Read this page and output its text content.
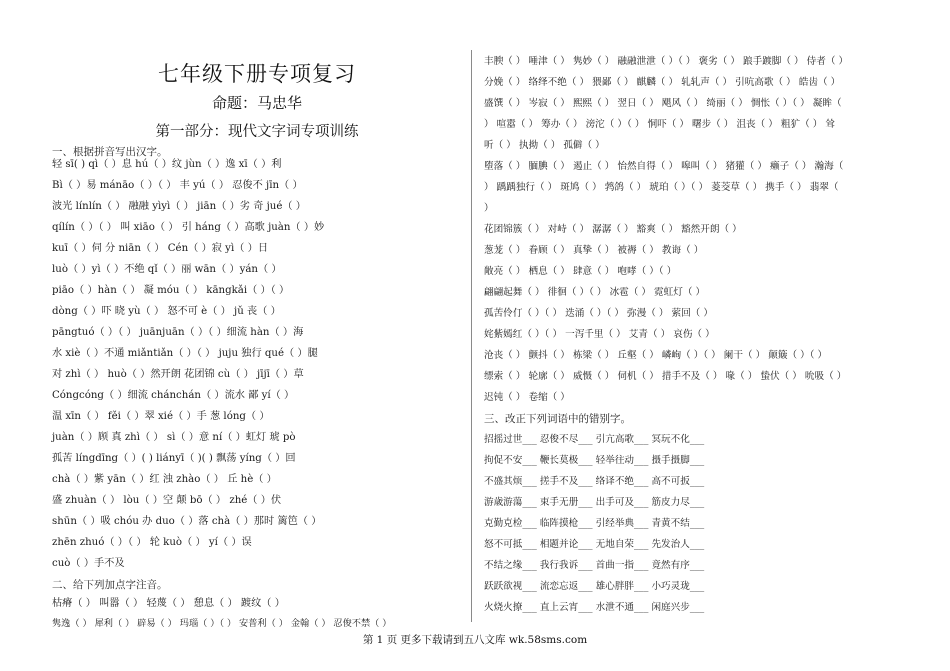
七年级下册专项复习
命题：马忠华
第一部分：现代文字词专项训练
一、根据拼音写出汉字。
轻 sī( ) qì（ ）息 hú（ ）纹 jùn（ ）逸 xī（ ）利
Bì（ ）易 mánāo（ ）（ ） 丰 yú（ ） 忍俊不 jīn（ ）
波光 línlín（ ） 融融 yìyì（ ） jiān（ ）劣 奇 jué（ ）
qílín（ ）（ ） 叫 xiāo（ ） 引 háng（ ）高歌 juàn（ ）妙
kuī（ ）伺 分 niān（ ） Cén（ ）寂 yì（ ）日
luò（ ）yì（ ）不绝 qǐ（ ）丽 wān（ ）yán（ ）
piāo（ ）hàn（ ） 凝 móu（ ） kāngkǎi（ ）（ ）
dòng（ ）吓 晓 yù（ ） 怒不可 è（ ） jǔ 丧（ ）
pāngtuó（ ）（ ） juānjuān（ ）（ ）细流 hàn（ ）海
水 xiè（ ）不通 miǎntiǎn（ ）（ ） juju 独行 qué（ ）腿
对 zhì（ ） huò（ ）然开朗 花团锦 cù（ ） jījī（ ）草
Cóngcóng（ ）细流 chánchán（ ）流水 鄙 yí（ ）
温 xīn（ ） fěi（ ）翠 xié（ ）手 葱 lóng（ ）
juàn（ ）顾 真 zhì（ ） sì（ ）意 ní（ ）虹灯 琥 pò
孤苦 língdīng（ ）( ) liányī（ )( ) 飘荡 yíng（ ）回
chà（ ）紫 yān（ ）红 浊 zhào（ ） 丘 hè（ ）
盛 zhuàn（ ） lòu（ ）空 颠 bō（ ） zhé（ ）伏
shūn（ ）吸 chóu 办 duo（ ）落 chà（ ）那时 篱笆（ ）
zhēn zhuó（ ）（ ） 轮 kuò（ ） yí（ ）误
cuò（ ）手不及
二、给下列加点字注音。
枯瘠（ ） 叫嚣（ ） 轻蔑（ ） 憩息（ ） 踱纹（ ）
隽逸（ ） 犀利（ ） 辟易（ ） 玛瑙（ ）（ ） 安普利（ ） 金翰（ ） 忍俊不禁（ ）
丰腴（ ） 唾津（ ） 隽妙（ ） 融融泄泄（ ）（ ） 褒劣（ ） 踉手踱脚（ ） 侍者（ ）
分娩（ ） 络绎不绝（ ） 猥鄙（ ） 麒麟（ ） 轧轧声（ ） 引吭高歌（ ） 皓齿（ ）
盛馔（ ） 岑寂（ ） 熙熙（ ） 翌日（ ） 飓风（ ） 绮丽（ ） 惆怅（ ）（ ） 凝眸（
） 喧嚣（ ） 筹办（ ） 滂沱（ ）（ ） 恫吓（ ） 曙步（ ） 沮丧（ ） 粗犷（ ） 耸
听（ ） 执拗（ ） 孤僻（ ）
堕落（ ） 腼腆（ ） 遏止（ ） 怡然自得（ ） 嗥叫（ ） 猪獾（ ） 癞子（ ） 瀚海（
） 踽踽独行（ ） 斑鸠（ ） 鹁鸽（ ） 琥珀（ ）（ ） 菱茭草（ ） 携手（ ） 翡翠（
）
花团锦簇（ ） 对峙（ ） 潺潺（ ） 豁爽（ ） 豁然开朗（ ）
葱茏（ ） 眷顾（ ） 真挚（ ） 被褥（ ） 教诲（ ）
敞亮（ ） 栖息（ ） 肆意（ ） 咆哮（ ）（ ）
翩翩起舞（ ） 徘徊（ ）（ ） 冰雹（ ） 霓虹灯（ ）
孤苦伶仃（ ）（ ） 迭涌（ ）（ ） 弥漫（ ） 萦回（ ）
姹紫嫣红（ ）（ ） 一泻千里（ ） 艾青（ ） 哀伤（ ）
沧丧（ ） 颤抖（ ） 栋梁（ ） 丘壑（ ） 嶙峋（ ）（ ） 阑干（ ） 颠簸（ ）（ ）
缥索（ ） 轮廓（ ） 威慑（ ） 伺机（ ） 措手不及（ ） 喙（ ） 蛰伏（ ） 吮吸（ ）
迟钝（ ） 卷缩（ ）
三、改正下列词语中的错别字。
招摇过世___ 忍俊不尽___ 引亢高歌___ 冥玩不化___
拘促不安___ 鞭长莫极___ 轻举往动___ 摄手摄脚___
不盛其烦___ 搓手不及___ 络译不绝___ 高不可扳___
游歳游蕩___ 束手无册___ 出手可及___ 筋皮力尽___
克勤克检___ 临阵摸枪___ 引经举典___ 青黄不结___
怒不可抵___ 相题并论___ 无地自荣___ 先发治人___
不结之缘___ 我行我诉___ 首曲一指___ 竟然有序___
跃跃欲视___ 流恋忘返___ 雄心胖胖___ 小巧灵珑___
火烧火撩___ 直上云宵___ 水泄不通___ 闲庭兴步___
第 1 页 更多下载请到五八文库 wk.58sms.com
